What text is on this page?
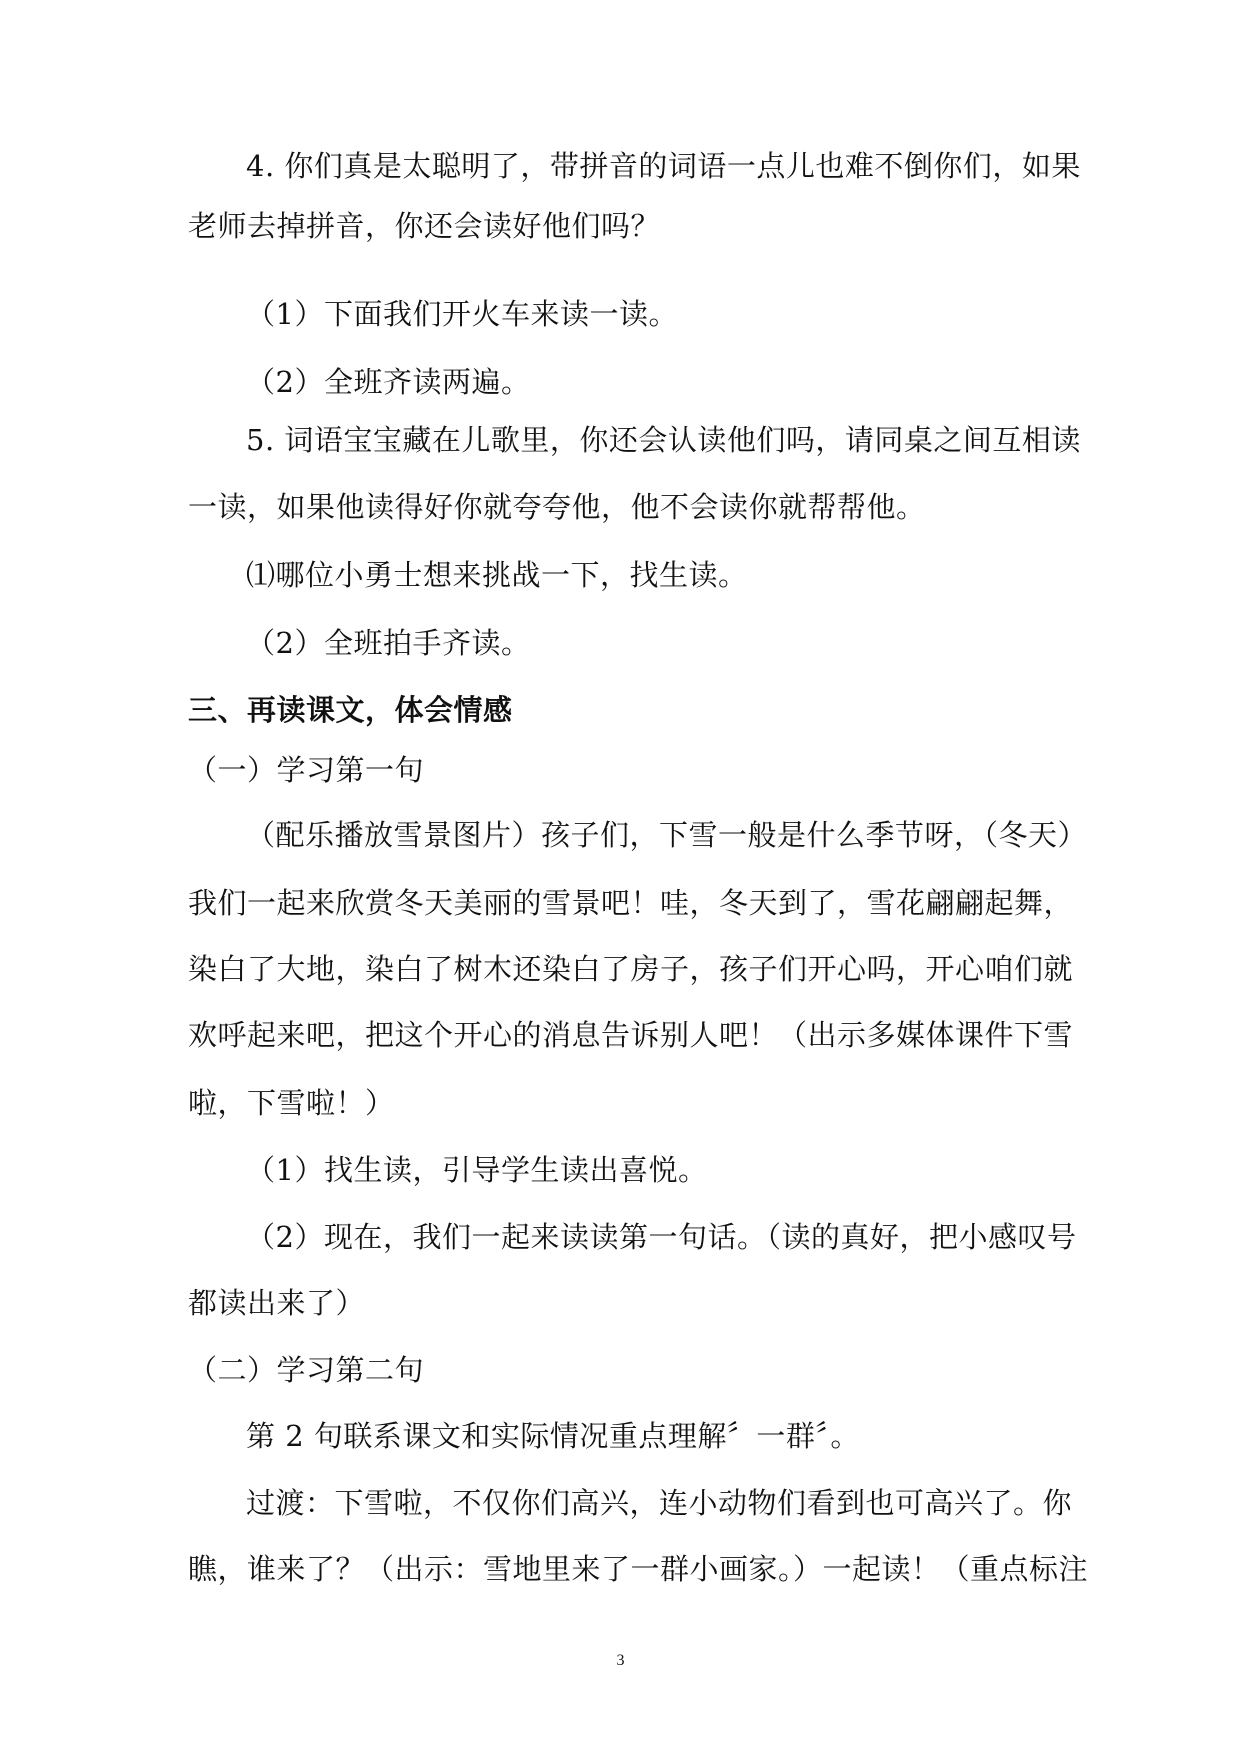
4. 你们真是太聪明了，带拼音的词语一点儿也难不倒你们，如果
老师去掉拼音，你还会读好他们吗？
（1）下面我们开火车来读一读。
（2）全班齐读两遍。
5. 词语宝宝藏在儿歌里，你还会认读他们吗，请同桌之间互相读
一读，如果他读得好你就夸夸他，他不会读你就帮帮他。
⑴哪位小勇士想来挑战一下，找生读。
（2）全班拍手齐读。
三、再读课文，体会情感
（一）学习第一句
（配乐播放雪景图片）孩子们，下雪一般是什么季节呀，（冬天）
我们一起来欣赏冬天美丽的雪景吧！哇，冬天到了，雪花翩翩起舞，
染白了大地，染白了树木还染白了房子，孩子们开心吗，开心咱们就
欢呼起来吧，把这个开心的消息告诉别人吧！（出示多媒体课件下雪
啦，下雪啦！）
（1）找生读，引导学生读出喜悦。
（2）现在，我们一起来读读第一句话。（读的真好，把小感叹号
都读出来了）
（二）学习第二句
第 2 句联系课文和实际情况重点理解〞一群〞。
过渡：下雪啦，不仅你们高兴，连小动物们看到也可高兴了。你
瞧，谁来了？（出示：雪地里来了一群小画家。）一起读！（重点标注
3
